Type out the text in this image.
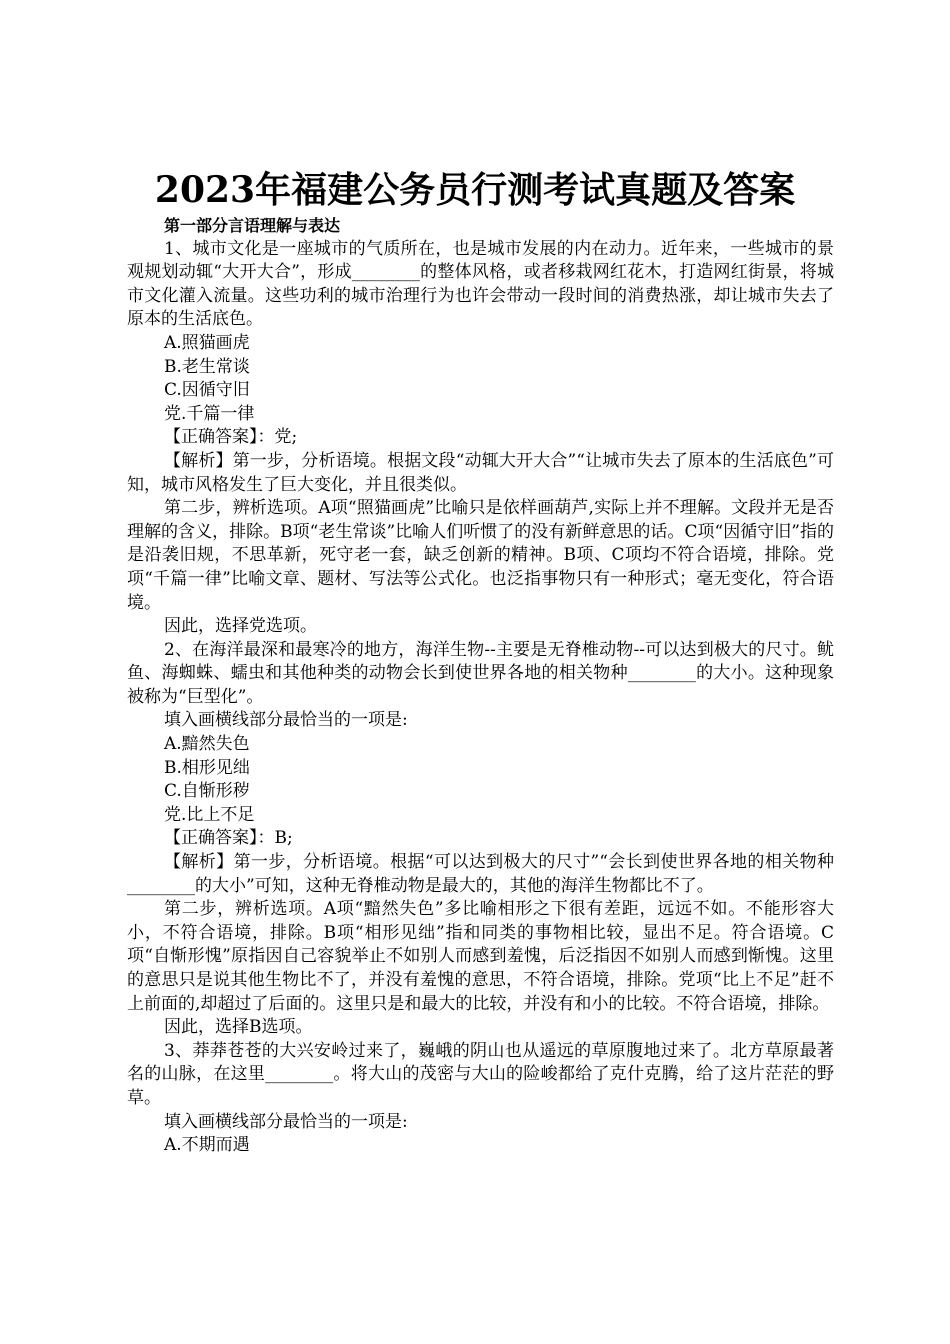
2023年福建公务员行测考试真题及答案

第一部分言语理解与表达

1、城市文化是一座城市的气质所在，也是城市发展的内在动力。近年来，一些城市的景观规划动辄“大开大合”，形成________的整体风格，或者移栽网红花木，打造网红街景，将城市文化灌入流量。这些功利的城市治理行为也许会带动一段时间的消费热涨，却让城市失去了原本的生活底色。

A.照猫画虎

B.老生常谈

C.因循守旧

党.千篇一律

【正确答案】：党;

【解析】第一步，分析语境。根据文段“动辄大开大合”“让城市失去了原本的生活底色”可知，城市风格发生了巨大变化，并且很类似。

第二步，辨析选项。A项“照猫画虎”比喻只是依样画葫芦,实际上并不理解。文段并无是否理解的含义，排除。B项“老生常谈”比喻人们听惯了的没有新鲜意思的话。C项“因循守旧”指的是沿袭旧规，不思革新，死守老一套，缺乏创新的精神。B项、C项均不符合语境，排除。党项“千篇一律”比喻文章、题材、写法等公式化。也泛指事物只有一种形式；毫无变化，符合语境。

因此，选择党选项。

2、在海洋最深和最寒冷的地方，海洋生物--主要是无脊椎动物--可以达到极大的尺寸。鱿鱼、海蜘蛛、蠕虫和其他种类的动物会长到使世界各地的相关物种________的大小。这种现象被称为“巨型化”。

填入画横线部分最恰当的一项是:

A.黯然失色

B.相形见绌

C.自惭形秽

党.比上不足

【正确答案】：B;

【解析】第一步，分析语境。根据“可以达到极大的尺寸”“会长到使世界各地的相关物种________的大小”可知，这种无脊椎动物是最大的，其他的海洋生物都比不了。

第二步，辨析选项。A项“黯然失色”多比喻相形之下很有差距，远远不如。不能形容大小，不符合语境，排除。B项“相形见绌”指和同类的事物相比较，显出不足。符合语境。C项“自惭形愧”原指因自己容貌举止不如别人而感到羞愧，后泛指因不如别人而感到惭愧。这里的意思只是说其他生物比不了，并没有羞愧的意思，不符合语境，排除。党项“比上不足”赶不上前面的,却超过了后面的。这里只是和最大的比较，并没有和小的比较。不符合语境，排除。

因此，选择B选项。

3、莽莽苍苍的大兴安岭过来了，巍峨的阴山也从遥远的草原腹地过来了。北方草原最著名的山脉，在这里________。将大山的茂密与大山的险峻都给了克什克腾，给了这片茫茫的野草。

填入画横线部分最恰当的一项是:

A.不期而遇
